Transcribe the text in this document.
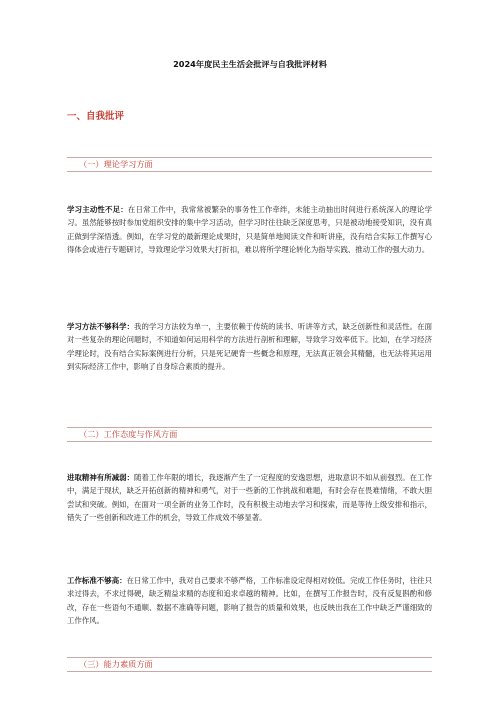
2024年度民主生活会批评与自我批评材料
一、自我批评
（一）理论学习方面

学习主动性不足：在日常工作中，我常常被繁杂的事务性工作牵绊，未能主动抽出时间进行系统深入的理论学习。虽然能够按时参加党组织安排的集中学习活动，但学习时往往缺乏深度思考，只是被动地接受知识，没有真正做到学深悟透。例如，在学习党的最新理论成果时，只是简单地阅读文件和听讲座，没有结合实际工作撰写心得体会或进行专题研讨，导致理论学习效果大打折扣，难以将所学理论转化为指导实践、推动工作的强大动力。

学习方法不够科学：我的学习方法较为单一，主要依赖于传统的读书、听讲等方式，缺乏创新性和灵活性。在面对一些复杂的理论问题时，不知道如何运用科学的方法进行剖析和理解，导致学习效率低下。比如，在学习经济学理论时，没有结合实际案例进行分析，只是死记硬背一些概念和原理，无法真正领会其精髓，也无法将其运用到实际经济工作中，影响了自身综合素质的提升。

（二）工作态度与作风方面

进取精神有所减弱：随着工作年限的增长，我逐渐产生了一定程度的安逸思想，进取意识不如从前强烈。在工作中，满足于现状，缺乏开拓创新的精神和勇气，对于一些新的工作挑战和难题，有时会存在畏难情绪，不敢大胆尝试和突破。例如，在面对一项全新的业务工作时，没有积极主动地去学习和探索，而是等待上级安排和指示，错失了一些创新和改进工作的机会，导致工作成效不够显著。

工作标准不够高：在日常工作中，我对自己要求不够严格，工作标准设定得相对较低。完成工作任务时，往往只求过得去，不求过得硬，缺乏精益求精的态度和追求卓越的精神。比如，在撰写工作报告时，没有反复斟酌和修改，存在一些语句不通顺、数据不准确等问题，影响了报告的质量和效果，也反映出我在工作中缺乏严谨细致的工作作风。

（三）能力素质方面
